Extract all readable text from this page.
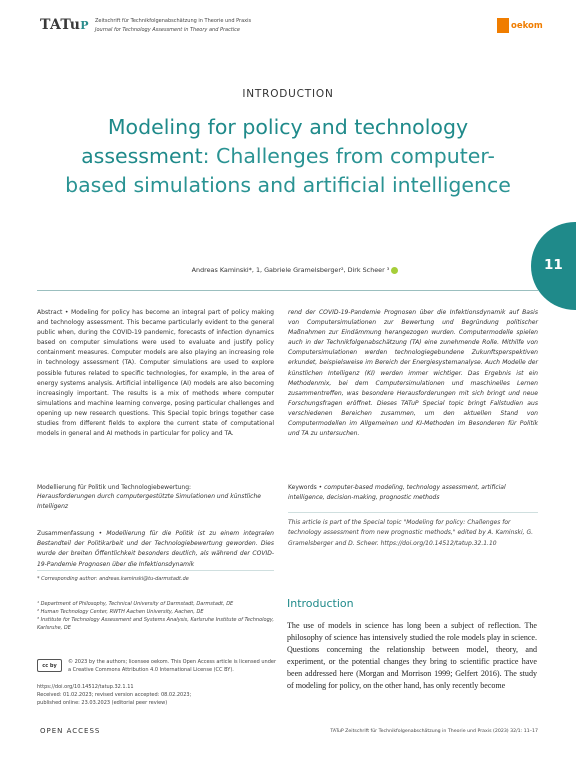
TATuP Zeitschrift für Technikfolgenabschätzung in Theorie und Praxis
Journal for Technology Assessment in Theory and Practice	oekom
INTRODUCTION
Modeling for policy and technology assessment: Challenges from computer-based simulations and artificial intelligence
11
Andreas Kaminski*, 1, Gabriele Gramelsberger², Dirk Scheer ³
Abstract • Modeling for policy has become an integral part of policy making and technology assessment. This became particularly evident to the general public when, during the COVID-19 pandemic, forecasts of infection dynamics based on computer simulations were used to evaluate and justify policy containment measures. Computer models are also playing an increasing role in technology assessment (TA). Computer simulations are used to explore possible futures related to specific technologies, for example, in the area of energy systems analysis. Artificial intelligence (AI) models are also becoming increasingly important. The results is a mix of methods where computer simulations and machine learning converge, posing particular challenges and opening up new research questions. This Special topic brings together case studies from different fields to explore the current state of computational models in general and AI methods in particular for policy and TA.
Modellierung für Politik und Technologiebewertung:
Herausforderungen durch computergestützte Simulationen und künstliche Intelligenz
Zusammenfassung • Modellierung für die Politik ist zu einem integralen Bestandteil der Politikarbeit und der Technologiebewertung geworden. Dies wurde der breiten Öffentlichkeit besonders deutlich, als während der COVID-19-Pandemie Prognosen über die Infektionsdynamik
* Corresponding author: andreas.kaminski@tu-darmstadt.de
¹ Department of Philosophy, Technical University of Darmstadt, Darmstadt, DE
² Human Technology Center, RWTH Aachen University, Aachen, DE
³ Institute for Technology Assessment and Systems Analysis, Karlsruhe Institute of Technology, Karlsruhe, DE
cc by
© 2023 by the authors; licensee oekom. This Open Access article is licensed under a Creative Commons Attribution 4.0 International License (CC BY).
https://doi.org/10.14512/tatup.32.1.11
Received: 01.02.2023; revised version accepted: 08.02.2023;
published online: 23.03.2023 (editorial peer review)
OPEN ACCESS
rend der COVID-19-Pandemie Prognosen über die Infektionsdynamik auf Basis von Computersimulationen zur Bewertung und Begründung politischer Maßnahmen zur Eindämmung herangezogen wurden. Computermodelle spielen auch in der Technikfolgenabschätzung (TA) eine zunehmende Rolle. Mithilfe von Computersimulationen werden technologiegebundene Zukunftsperspektiven erkundet, beispielsweise im Bereich der Energiesystemanalyse. Auch Modelle der künstlichen Intelligenz (KI) werden immer wichtiger. Das Ergebnis ist ein Methodenmix, bei dem Computersimulationen und maschinelles Lernen zusammentreffen, was besondere Herausforderungen mit sich bringt und neue Forschungsfragen eröffnet. Dieses TATuP Special topic bringt Fallstudien aus verschiedenen Bereichen zusammen, um den aktuellen Stand von Computermodellen im Allgemeinen und KI-Methoden im Besonderen für Politik und TA zu untersuchen.
Keywords • computer-based modeling, technology assessment, artificial intelligence, decision-making, prognostic methods
This article is part of the Special topic "Modeling for policy: Challenges for technology assessment from new prognostic methods," edited by A. Kaminski, G. Gramelsberger and D. Scheer. https://doi.org/10.14512/tatup.32.1.10
Introduction
The use of models in science has long been a subject of reflection. The philosophy of science has intensively studied the role models play in science. Questions concerning the relationship between model, theory, and experiment, or the potential changes they bring to scientific practice have been addressed here (Morgan and Morrison 1999; Gelfert 2016). The study of modeling for policy, on the other hand, has only recently become
TATuP Zeitschrift für Technikfolgenabschätzung in Theorie und Praxis (2023) 32/1: 11–17
